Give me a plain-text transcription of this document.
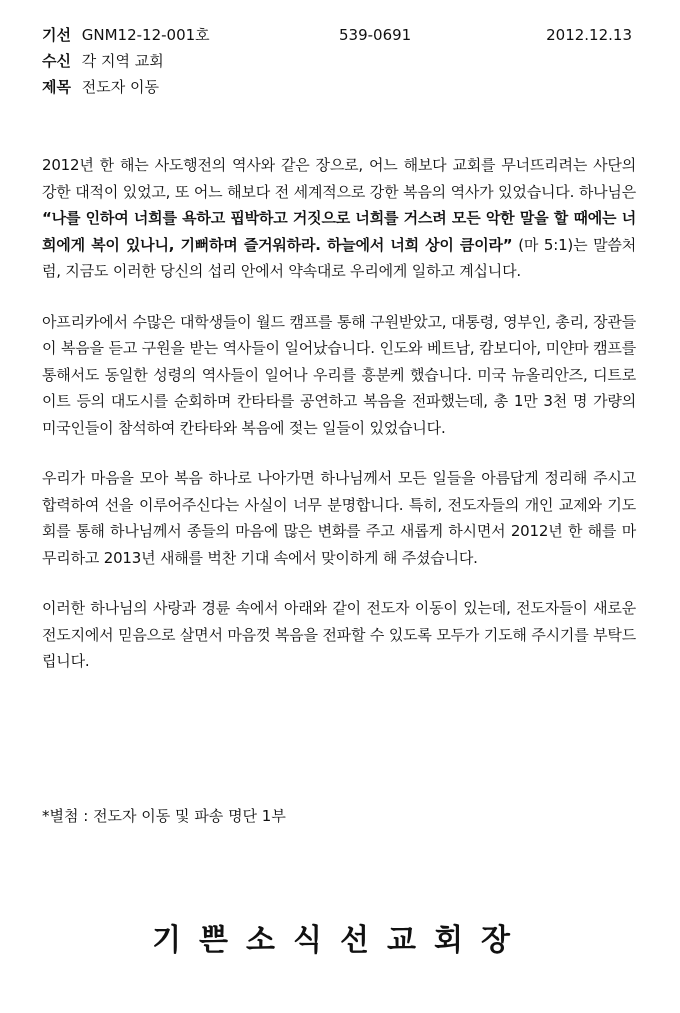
기선 GNM12-12-001호	539-0691	2012.12.13
수신 각 지역 교회
제목 전도자 이동

2012년 한 해는 사도행전의 역사와 같은 장으로, 어느 해보다 교회를 무너뜨리려는 사단의 강한 대적이 있었고, 또 어느 해보다 전 세계적으로 강한 복음의 역사가 있었습니다. 하나님은 “나를 인하여 너희를 욕하고 핍박하고 거짓으로 너희를 거스려 모든 악한 말을 할 때에는 너희에게 복이 있나니, 기뻐하며 즐거워하라. 하늘에서 너희 상이 큼이라” (마 5:1)는 말씀처럼, 지금도 이러한 당신의 섭리 안에서 약속대로 우리에게 일하고 계십니다.

아프리카에서 수많은 대학생들이 월드 캠프를 통해 구원받았고, 대통령, 영부인, 총리, 장관들이 복음을 듣고 구원을 받는 역사들이 일어났습니다. 인도와 베트남, 캄보디아, 미얀마 캠프를 통해서도 동일한 성령의 역사들이 일어나 우리를 흥분케 했습니다. 미국 뉴올리안즈, 디트로이트 등의 대도시를 순회하며 칸타타를 공연하고 복음을 전파했는데, 총 1만 3천 명 가량의 미국인들이 참석하여 칸타타와 복음에 젖는 일들이 있었습니다.

우리가 마음을 모아 복음 하나로 나아가면 하나님께서 모든 일들을 아름답게 정리해 주시고 합력하여 선을 이루어주신다는 사실이 너무 분명합니다. 특히, 전도자들의 개인 교제와 기도회를 통해 하나님께서 종들의 마음에 많은 변화를 주고 새롭게 하시면서 2012년 한 해를 마무리하고 2013년 새해를 벅찬 기대 속에서 맞이하게 해 주셨습니다.

이러한 하나님의 사랑과 경륜 속에서 아래와 같이 전도자 이동이 있는데, 전도자들이 새로운 전도지에서 믿음으로 살면서 마음껏 복음을 전파할 수 있도록 모두가 기도해 주시기를 부탁드립니다.

*별첨 : 전도자 이동 및 파송 명단 1부
기쁜소식선교회장
